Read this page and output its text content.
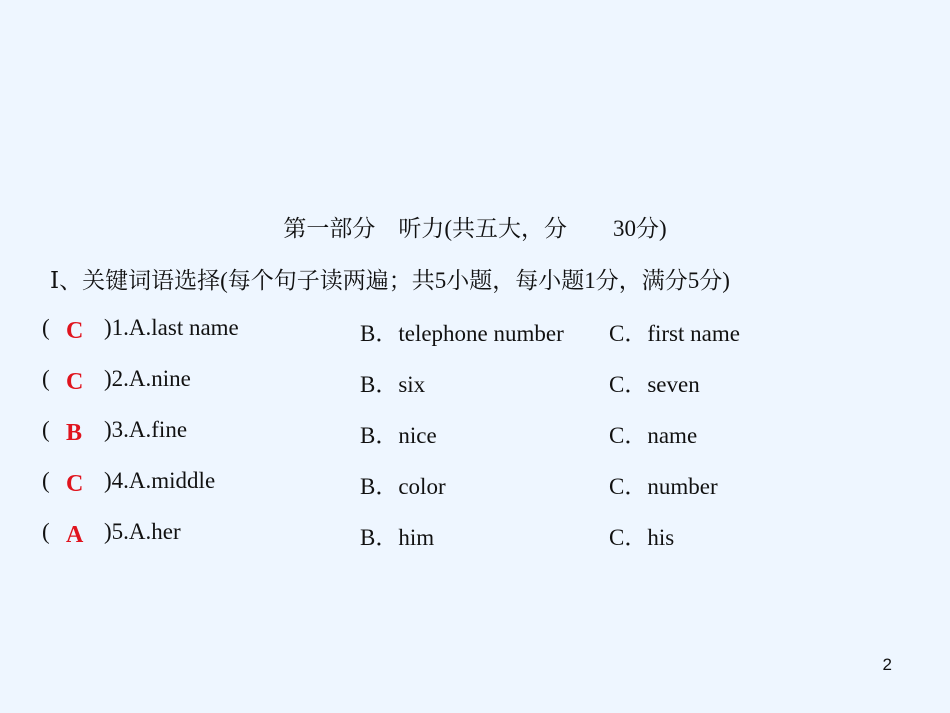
第一部分　听力(共五大，分　　30分)
Ⅰ、关键词语选择(每个句子读两遍；共5小题，每小题1分，满分5分)
( C )1.A.last name	B．telephone number C．first name
( C )2.A.nine	B．six	C．seven
( B )3.A.fine	B．nice	C．name
( C )4.A.middle	B．color	C．number
( A )5.A.her	B．him	C．his
2
